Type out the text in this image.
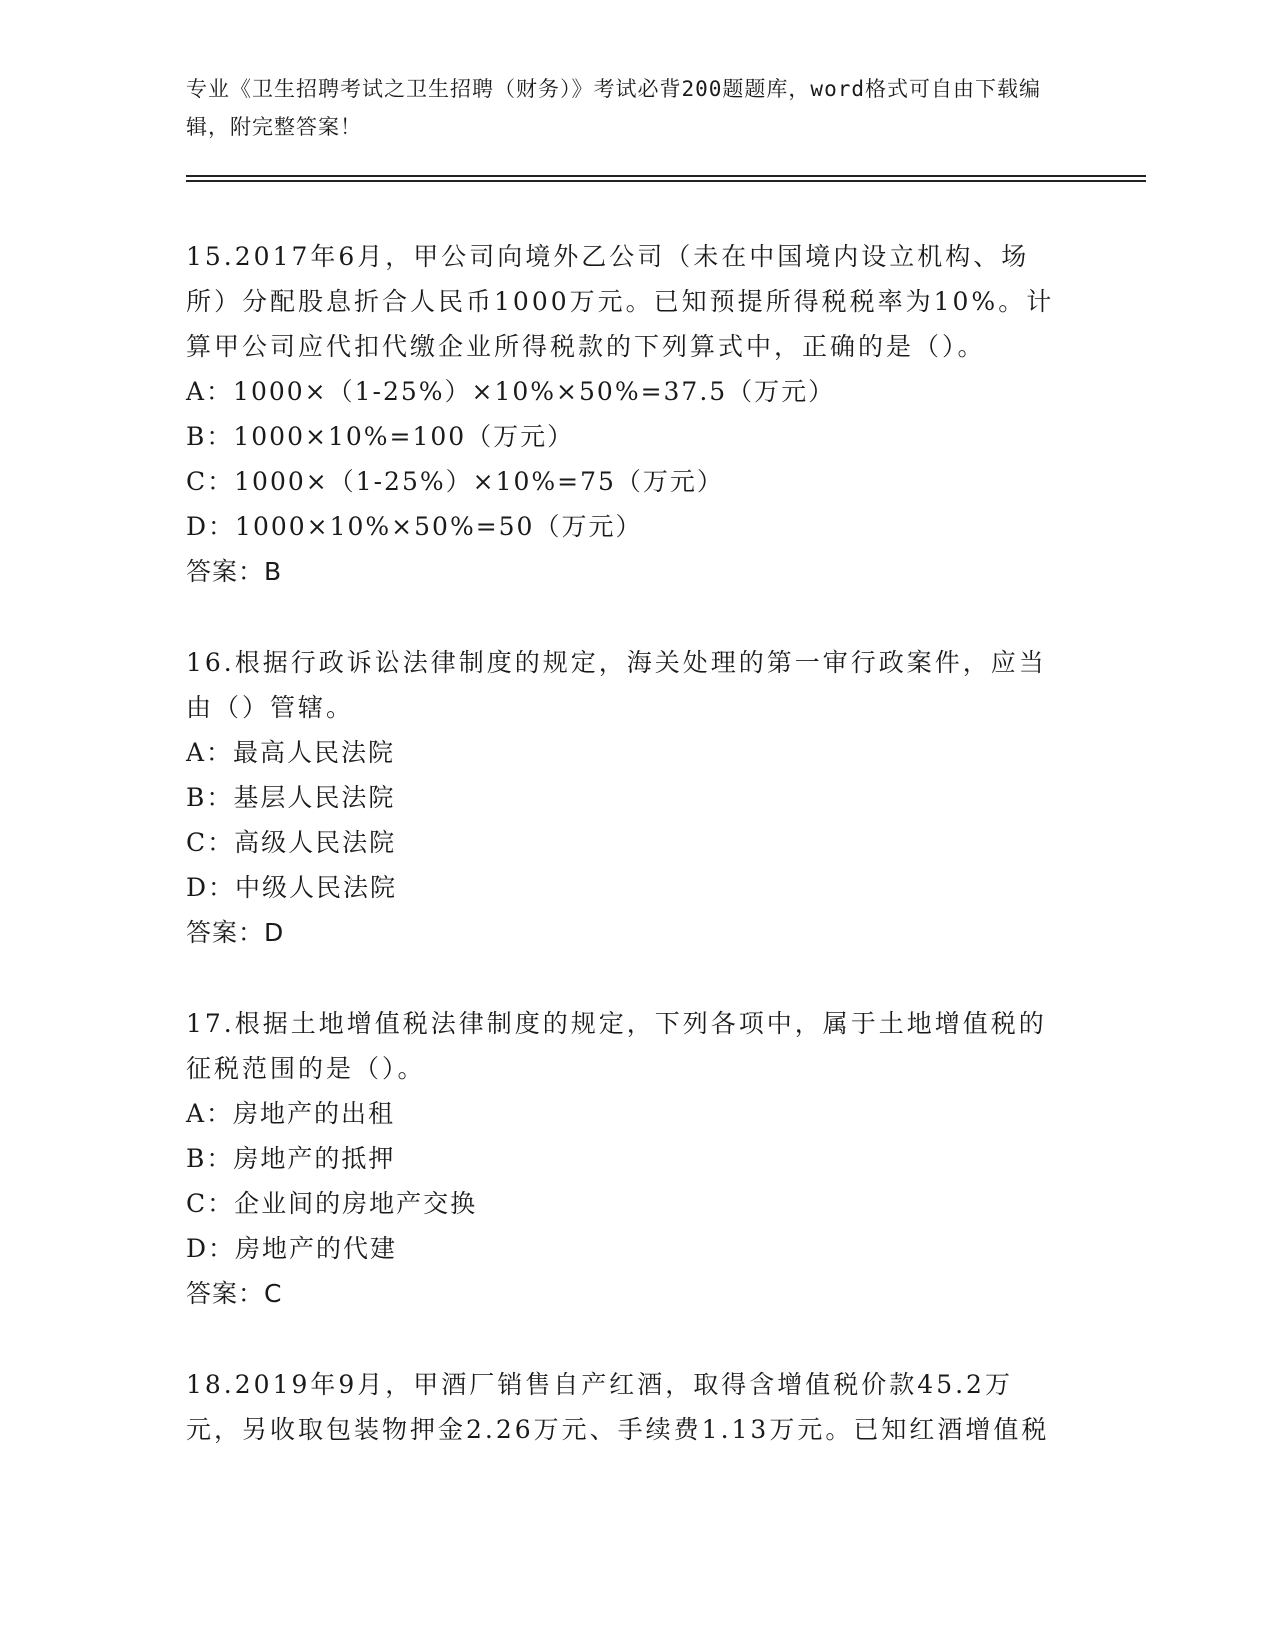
专业《卫生招聘考试之卫生招聘（财务）》考试必背200题题库，word格式可自由下载编辑，附完整答案！
15.2017年6月，甲公司向境外乙公司（未在中国境内设立机构、场所）分配股息折合人民币1000万元。已知预提所得税税率为10%。计算甲公司应代扣代缴企业所得税款的下列算式中，正确的是（）。
A：1000×（1-25%）×10%×50%=37.5（万元）
B：1000×10%=100（万元）
C：1000×（1-25%）×10%=75（万元）
D：1000×10%×50%=50（万元）
答案：B
16.根据行政诉讼法律制度的规定，海关处理的第一审行政案件，应当由（）管辖。
A：最高人民法院
B：基层人民法院
C：高级人民法院
D：中级人民法院
答案：D
17.根据土地增值税法律制度的规定，下列各项中，属于土地增值税的征税范围的是（）。
A：房地产的出租
B：房地产的抵押
C：企业间的房地产交换
D：房地产的代建
答案：C
18.2019年9月，甲酒厂销售自产红酒，取得含增值税价款45.2万元，另收取包装物押金2.26万元、手续费1.13万元。已知红酒增值税
